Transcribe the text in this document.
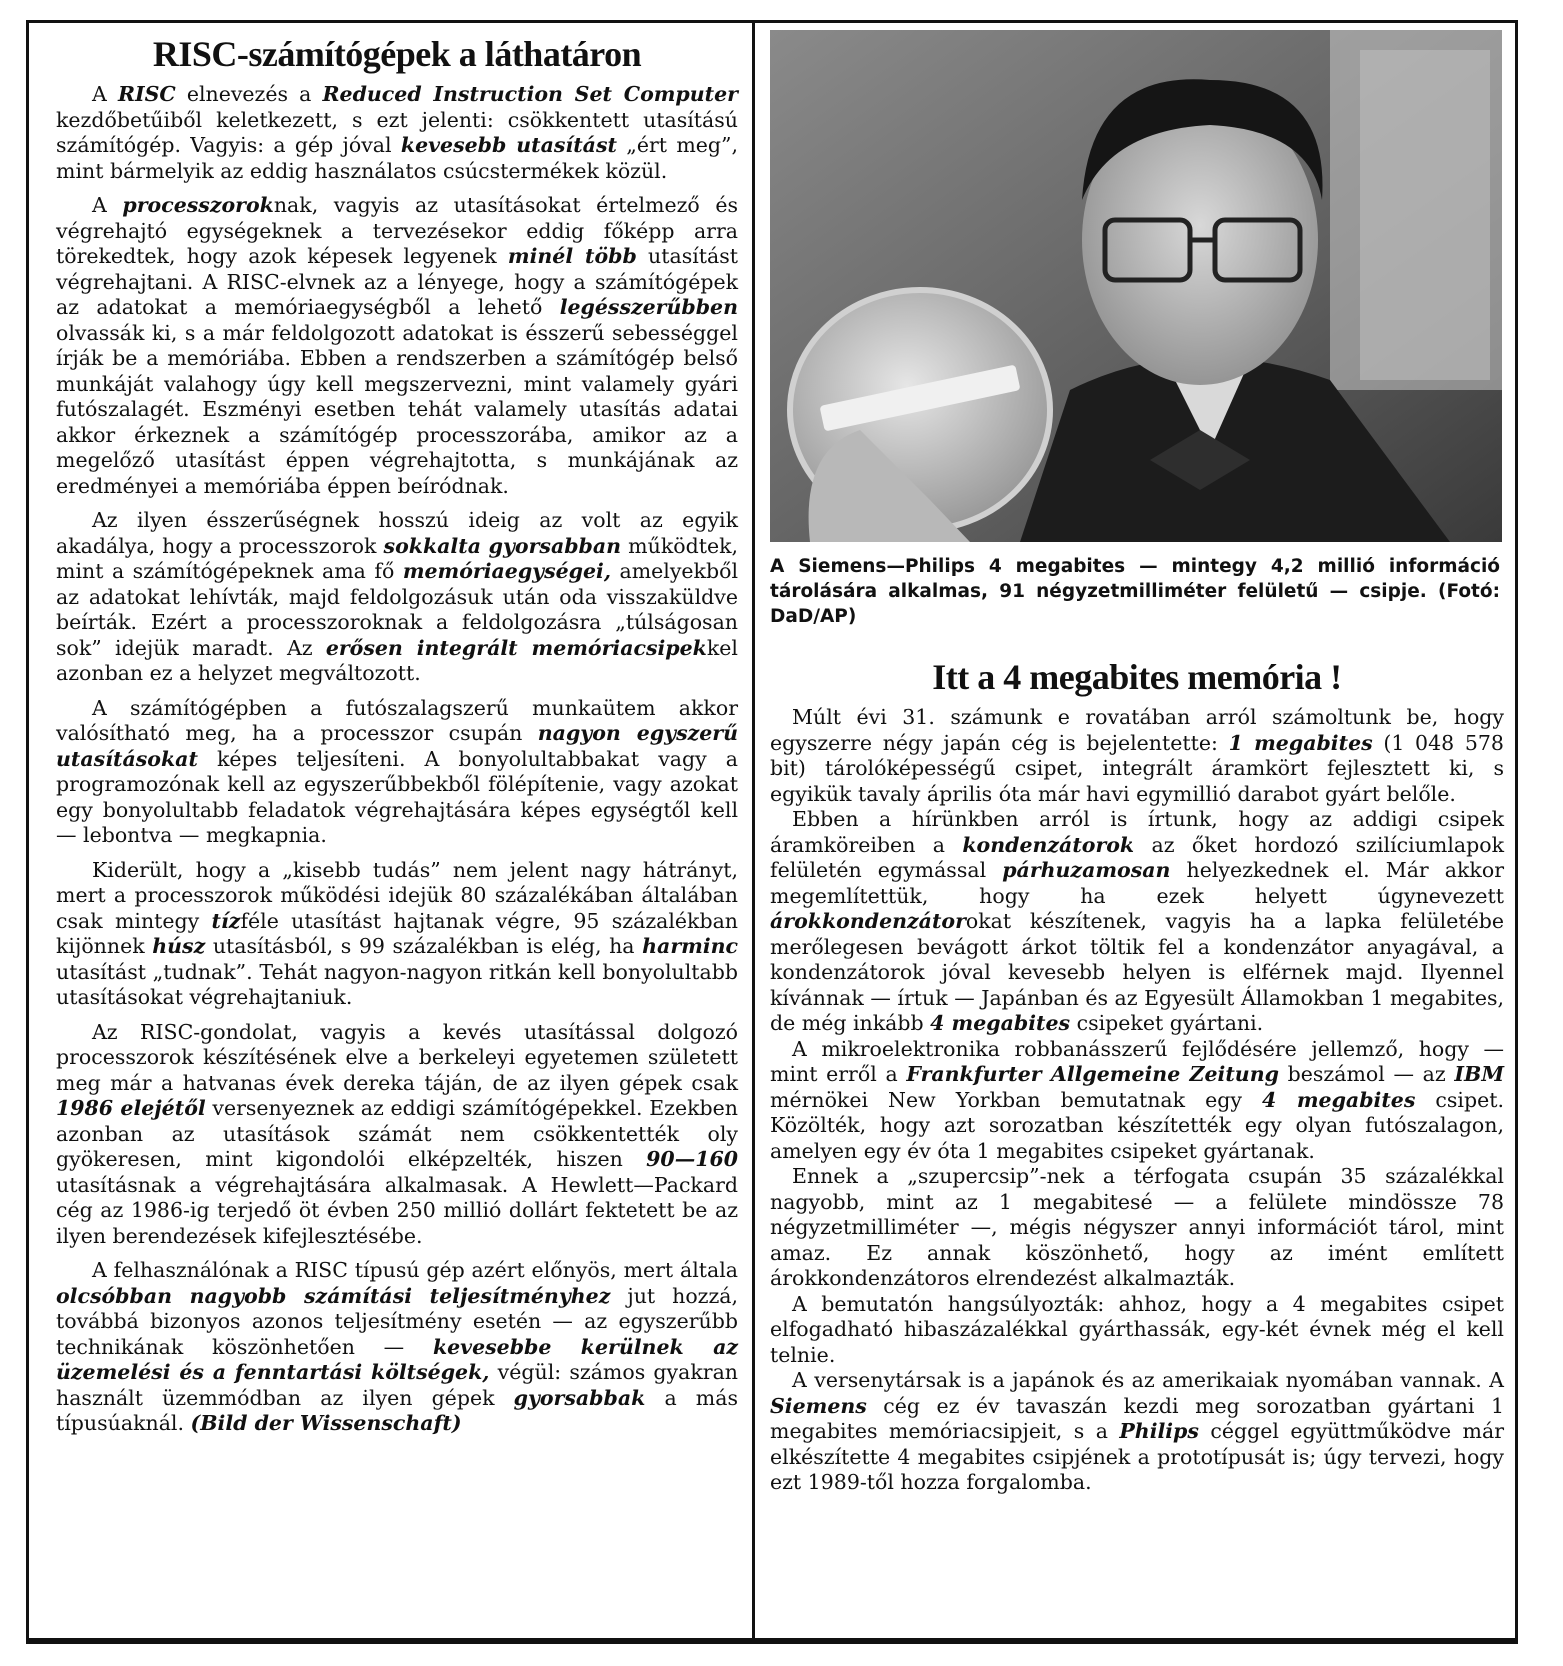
RISC-számítógépek a láthatáron

A RISC elnevezés a Reduced Instruction Set Computer kezdőbetűiből keletkezett, s ezt jelenti: csökkentett utasítású számítógép. Vagyis: a gép jóval kevesebb utasítást „ért meg”, mint bármelyik az eddig használatos csúcstermékek közül.

A processzoroknak, vagyis az utasításokat értelmező és végrehajtó egységeknek a tervezésekor eddig főképp arra törekedtek, hogy azok képesek legyenek minél több utasítást végrehajtani. A RISC-elvnek az a lényege, hogy a számítógépek az adatokat a memóriaegységből a lehető legésszerűbben olvassák ki, s a már feldolgozott adatokat is ésszerű sebességgel írják be a memóriába. Ebben a rendszerben a számítógép belső munkáját valahogy úgy kell megszervezni, mint valamely gyári futószalagét. Eszményi esetben tehát valamely utasítás adatai akkor érkeznek a számítógép processzorába, amikor az a megelőző utasítást éppen végrehajtotta, s munkájának az eredményei a memóriába éppen beíródnak.

Az ilyen ésszerűségnek hosszú ideig az volt az egyik akadálya, hogy a processzorok sokkalta gyorsabban működtek, mint a számítógépeknek ama fő memóriaegységei, amelyekből az adatokat lehívták, majd feldolgozásuk után oda visszaküldve beírták. Ezért a processzoroknak a feldolgozásra „túlságosan sok” idejük maradt. Az erősen integrált memóriacsipekkel azonban ez a helyzet megváltozott.

A számítógépben a futószalagszerű munkaütem akkor valósítható meg, ha a processzor csupán nagyon egyszerű utasításokat képes teljesíteni. A bonyolultabbakat vagy a programozónak kell az egyszerűbbekből fölépítenie, vagy azokat egy bonyolultabb feladatok végrehajtására képes egységtől kell — lebontva — megkapnia.

Kiderült, hogy a „kisebb tudás” nem jelent nagy hátrányt, mert a processzorok működési idejük 80 százalékában általában csak mintegy tízféle utasítást hajtanak végre, 95 százalékban kijönnek húsz utasításból, s 99 százalékban is elég, ha harminc utasítást „tudnak”. Tehát nagyon-nagyon ritkán kell bonyolultabb utasításokat végrehajtaniuk.

Az RISC-gondolat, vagyis a kevés utasítással dolgozó processzorok készítésének elve a berkeleyi egyetemen született meg már a hatvanas évek dereka táján, de az ilyen gépek csak 1986 elejétől versenyeznek az eddigi számítógépekkel. Ezekben azonban az utasítások számát nem csökkentették oly gyökeresen, mint kigondolói elképzelték, hiszen 90—160 utasításnak a végrehajtására alkalmasak. A Hewlett—Packard cég az 1986-ig terjedő öt évben 250 millió dollárt fektetett be az ilyen berendezések kifejlesztésébe.

A felhasználónak a RISC típusú gép azért előnyös, mert általa olcsóbban nagyobb számítási teljesítményhez jut hozzá, továbbá bizonyos azonos teljesítmény esetén — az egyszerűbb technikának köszönhetően — kevesebbe kerülnek az üzemelési és a fenntartási költségek, végül: számos gyakran használt üzemmódban az ilyen gépek gyorsabbak a más típusúaknál. (Bild der Wissenschaft)

A Siemens—Philips 4 megabites — mintegy 4,2 millió információ tárolására alkalmas, 91 négyzetmilliméter felületű — csipje. (Fotó: DaD/AP)
Itt a 4 megabites memória !

Múlt évi 31. számunk e rovatában arról számoltunk be, hogy egyszerre négy japán cég is bejelentette: 1 megabites (1 048 578 bit) tárolóképességű csipet, integrált áramkört fejlesztett ki, s egyikük tavaly április óta már havi egymillió darabot gyárt belőle.

Ebben a hírünkben arról is írtunk, hogy az addigi csipek áramköreiben a kondenzátorok az őket hordozó szilíciumlapok felületén egymással párhuzamosan helyezkednek el. Már akkor megemlítettük, hogy ha ezek helyett úgynevezett árokkondenzátorokat készítenek, vagyis ha a lapka felületébe merőlegesen bevágott árkot töltik fel a kondenzátor anyagával, a kondenzátorok jóval kevesebb helyen is elférnek majd. Ilyennel kívánnak — írtuk — Japánban és az Egyesült Államokban 1 megabites, de még inkább 4 megabites csipeket gyártani.

A mikroelektronika robbanásszerű fejlődésére jellemző, hogy — mint erről a Frankfurter Allgemeine Zeitung beszámol — az IBM mérnökei New Yorkban bemutatnak egy 4 megabites csipet. Közölték, hogy azt sorozatban készítették egy olyan futószalagon, amelyen egy év óta 1 megabites csipeket gyártanak.

Ennek a „szupercsip”-nek a térfogata csupán 35 százalékkal nagyobb, mint az 1 megabitesé — a felülete mindössze 78 négyzetmilliméter —, mégis négyszer annyi információt tárol, mint amaz. Ez annak köszönhető, hogy az imént említett árokkondenzátoros elrendezést alkalmazták.

A bemutatón hangsúlyozták: ahhoz, hogy a 4 megabites csipet elfogadható hibaszázalékkal gyárthassák, egy-két évnek még el kell telnie.

A versenytársak is a japánok és az amerikaiak nyomában vannak. A Siemens cég ez év tavaszán kezdi meg sorozatban gyártani 1 megabites memóriacsipjeit, s a Philips céggel együttműködve már elkészítette 4 megabites csipjének a prototípusát is; úgy tervezi, hogy ezt 1989-től hozza forgalomba.
